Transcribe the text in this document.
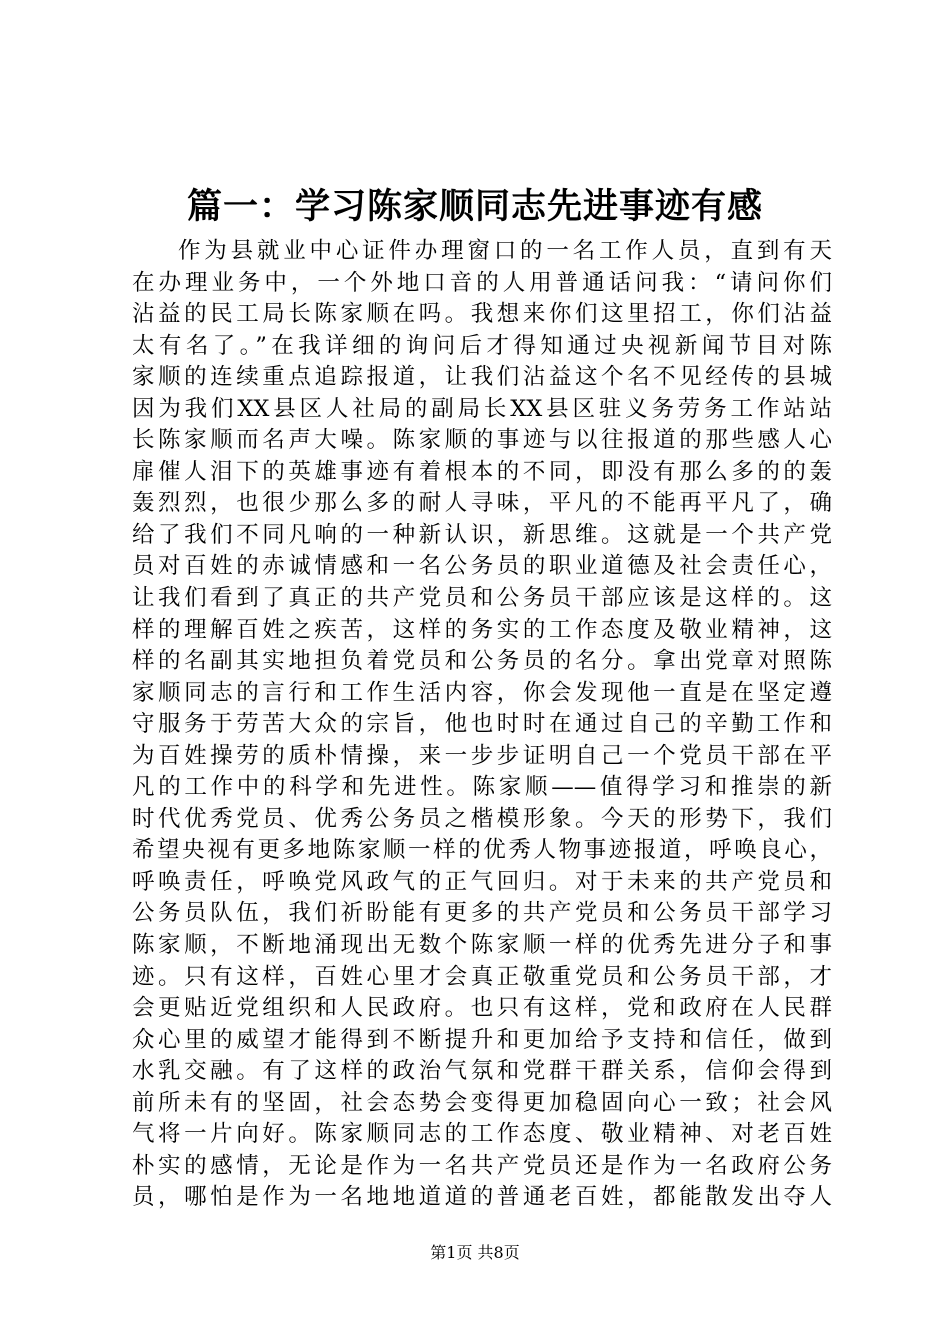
篇一：学习陈家顺同志先进事迹有感
作为县就业中心证件办理窗口的一名工作人员，直到有天
在办理业务中，一个外地口音的人用普通话问我：“请问你们
沾益的民工局长陈家顺在吗。我想来你们这里招工，你们沾益
太有名了。”在我详细的询问后才得知通过央视新闻节目对陈
家顺的连续重点追踪报道，让我们沾益这个名不见经传的县城
因为我们XX县区人社局的副局长XX县区驻义务劳务工作站站
长陈家顺而名声大噪。陈家顺的事迹与以往报道的那些感人心
扉催人泪下的英雄事迹有着根本的不同，即没有那么多的的轰
轰烈烈，也很少那么多的耐人寻味，平凡的不能再平凡了，确
给了我们不同凡响的一种新认识，新思维。这就是一个共产党
员对百姓的赤诚情感和一名公务员的职业道德及社会责任心，
让我们看到了真正的共产党员和公务员干部应该是这样的。这
样的理解百姓之疾苦，这样的务实的工作态度及敬业精神，这
样的名副其实地担负着党员和公务员的名分。拿出党章对照陈
家顺同志的言行和工作生活内容，你会发现他一直是在坚定遵
守服务于劳苦大众的宗旨，他也时时在通过自己的辛勤工作和
为百姓操劳的质朴情操，来一步步证明自己一个党员干部在平
凡的工作中的科学和先进性。陈家顺——值得学习和推崇的新
时代优秀党员、优秀公务员之楷模形象。今天的形势下，我们
希望央视有更多地陈家顺一样的优秀人物事迹报道，呼唤良心，
呼唤责任，呼唤党风政气的正气回归。对于未来的共产党员和
公务员队伍，我们祈盼能有更多的共产党员和公务员干部学习
陈家顺，不断地涌现出无数个陈家顺一样的优秀先进分子和事
迹。只有这样，百姓心里才会真正敬重党员和公务员干部，才
会更贴近党组织和人民政府。也只有这样，党和政府在人民群
众心里的威望才能得到不断提升和更加给予支持和信任，做到
水乳交融。有了这样的政治气氛和党群干群关系，信仰会得到
前所未有的坚固，社会态势会变得更加稳固向心一致；社会风
气将一片向好。陈家顺同志的工作态度、敬业精神、对老百姓
朴实的感情，无论是作为一名共产党员还是作为一名政府公务
员，哪怕是作为一名地地道道的普通老百姓，都能散发出夺人
第1页 共8页
